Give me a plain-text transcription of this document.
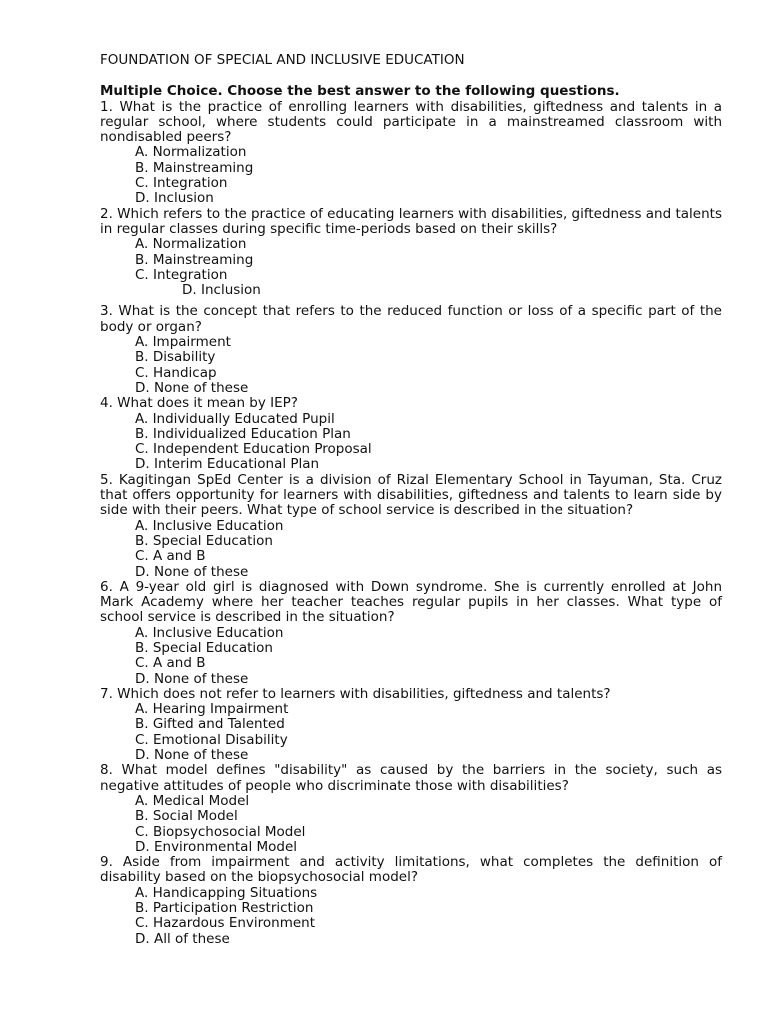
FOUNDATION OF SPECIAL AND INCLUSIVE EDUCATION
Multiple Choice. Choose the best answer to the following questions.

1. What is the practice of enrolling learners with disabilities, giftedness and talents in a regular school, where students could participate in a mainstreamed classroom with nondisabled peers?

A. Normalization
B. Mainstreaming
C. Integration
D. Inclusion

2. Which refers to the practice of educating learners with disabilities, giftedness and talents in regular classes during specific time-periods based on their skills?

A. Normalization
B. Mainstreaming
C. Integration
D. Inclusion

3. What is the concept that refers to the reduced function or loss of a specific part of the body or organ?

A. Impairment
B. Disability
C. Handicap
D. None of these

4. What does it mean by IEP?

A. Individually Educated Pupil
B. Individualized Education Plan
C. Independent Education Proposal
D. Interim Educational Plan

5. Kagitingan SpEd Center is a division of Rizal Elementary School in Tayuman, Sta. Cruz that offers opportunity for learners with disabilities, giftedness and talents to learn side by side with their peers. What type of school service is described in the situation?

A. Inclusive Education
B. Special Education
C. A and B
D. None of these

6. A 9-year old girl is diagnosed with Down syndrome. She is currently enrolled at John Mark Academy where her teacher teaches regular pupils in her classes. What type of school service is described in the situation?

A. Inclusive Education
B. Special Education
C. A and B
D. None of these

7. Which does not refer to learners with disabilities, giftedness and talents?

A. Hearing Impairment
B. Gifted and Talented
C. Emotional Disability
D. None of these

8. What model defines "disability" as caused by the barriers in the society, such as negative attitudes of people who discriminate those with disabilities?

A. Medical Model
B. Social Model
C. Biopsychosocial Model
D. Environmental Model

9. Aside from impairment and activity limitations, what completes the definition of disability based on the biopsychosocial model?

A. Handicapping Situations
B. Participation Restriction
C. Hazardous Environment
D. All of these
